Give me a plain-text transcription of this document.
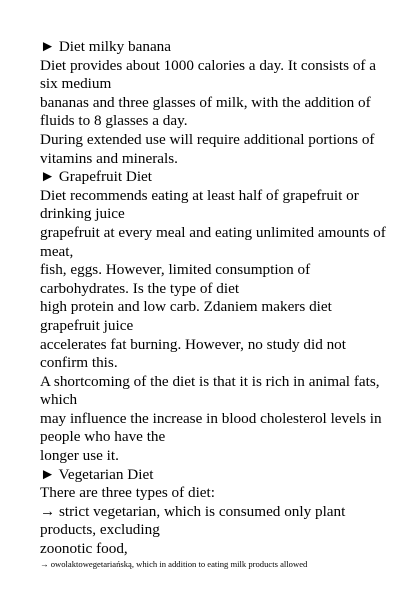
► Diet milky banana
Diet provides about 1000 calories a day. It consists of a six medium
bananas and three glasses of milk, with the addition of fluids to 8 glasses a day.
During extended use will require additional portions of vitamins and minerals.
► Grapefruit Diet
Diet recommends eating at least half of grapefruit or drinking juice
grapefruit at every meal and eating unlimited amounts of meat,
fish, eggs. However, limited consumption of carbohydrates. Is the type of diet
high protein and low carb. Zdaniem makers diet grapefruit juice
accelerates fat burning. However, no study did not confirm this.
A shortcoming of the diet is that it is rich in animal fats, which
may influence the increase in blood cholesterol levels in people who have the
longer use it.
► Vegetarian Diet
There are three types of diet:
→ strict vegetarian, which is consumed only plant products, excluding
zoonotic food,
→ owolaktowegetariańską, which in addition to eating milk products allowed
